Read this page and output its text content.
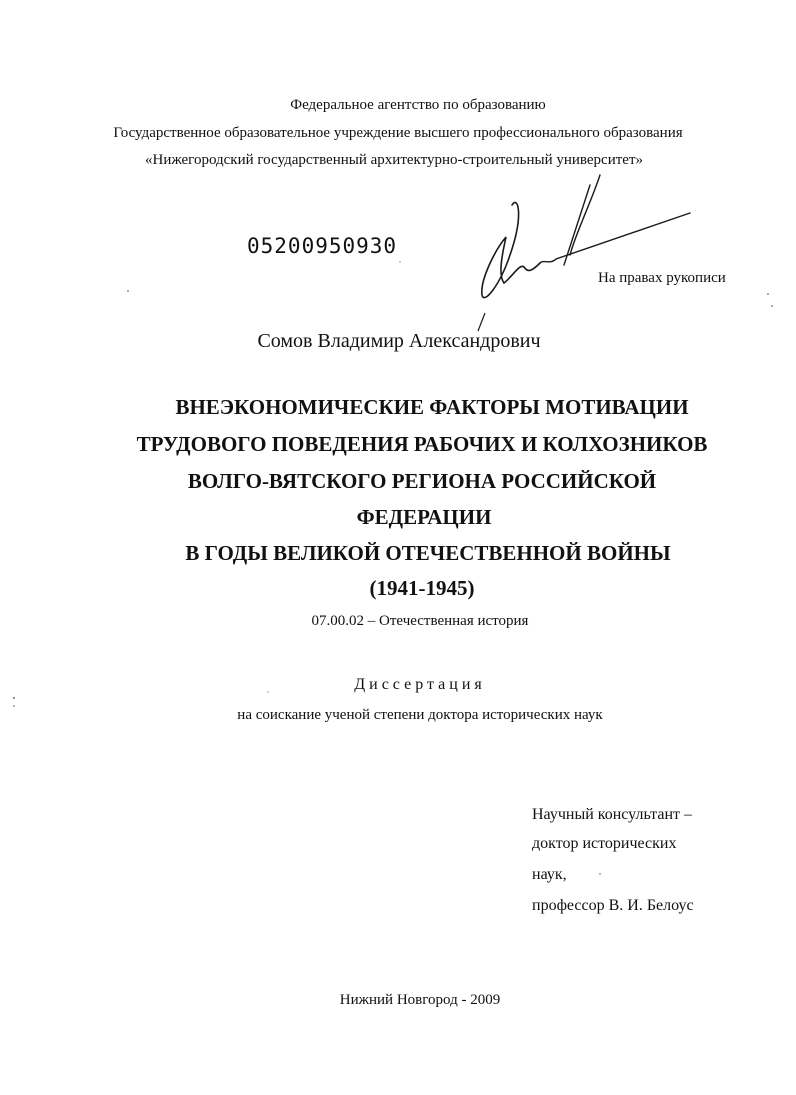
Федеральное агентство по образованию
Государственное образовательное учреждение высшего профессионального образования
«Нижегородский государственный архитектурно-строительный университет»
05200950930
На правах рукописи
Сомов Владимир Александрович
ВНЕЭКОНОМИЧЕСКИЕ ФАКТОРЫ МОТИВАЦИИ
ТРУДОВОГО ПОВЕДЕНИЯ РАБОЧИХ И КОЛХОЗНИКОВ
ВОЛГО-ВЯТСКОГО РЕГИОНА РОССИЙСКОЙ
ФЕДЕРАЦИИ
В ГОДЫ ВЕЛИКОЙ ОТЕЧЕСТВЕННОЙ ВОЙНЫ
(1941-1945)
07.00.02 – Отечественная история
Диссертация
на соискание ученой степени доктора исторических наук
Научный консультант –
доктор исторических
наук,
профессор В. И. Белоус
Нижний Новгород - 2009
